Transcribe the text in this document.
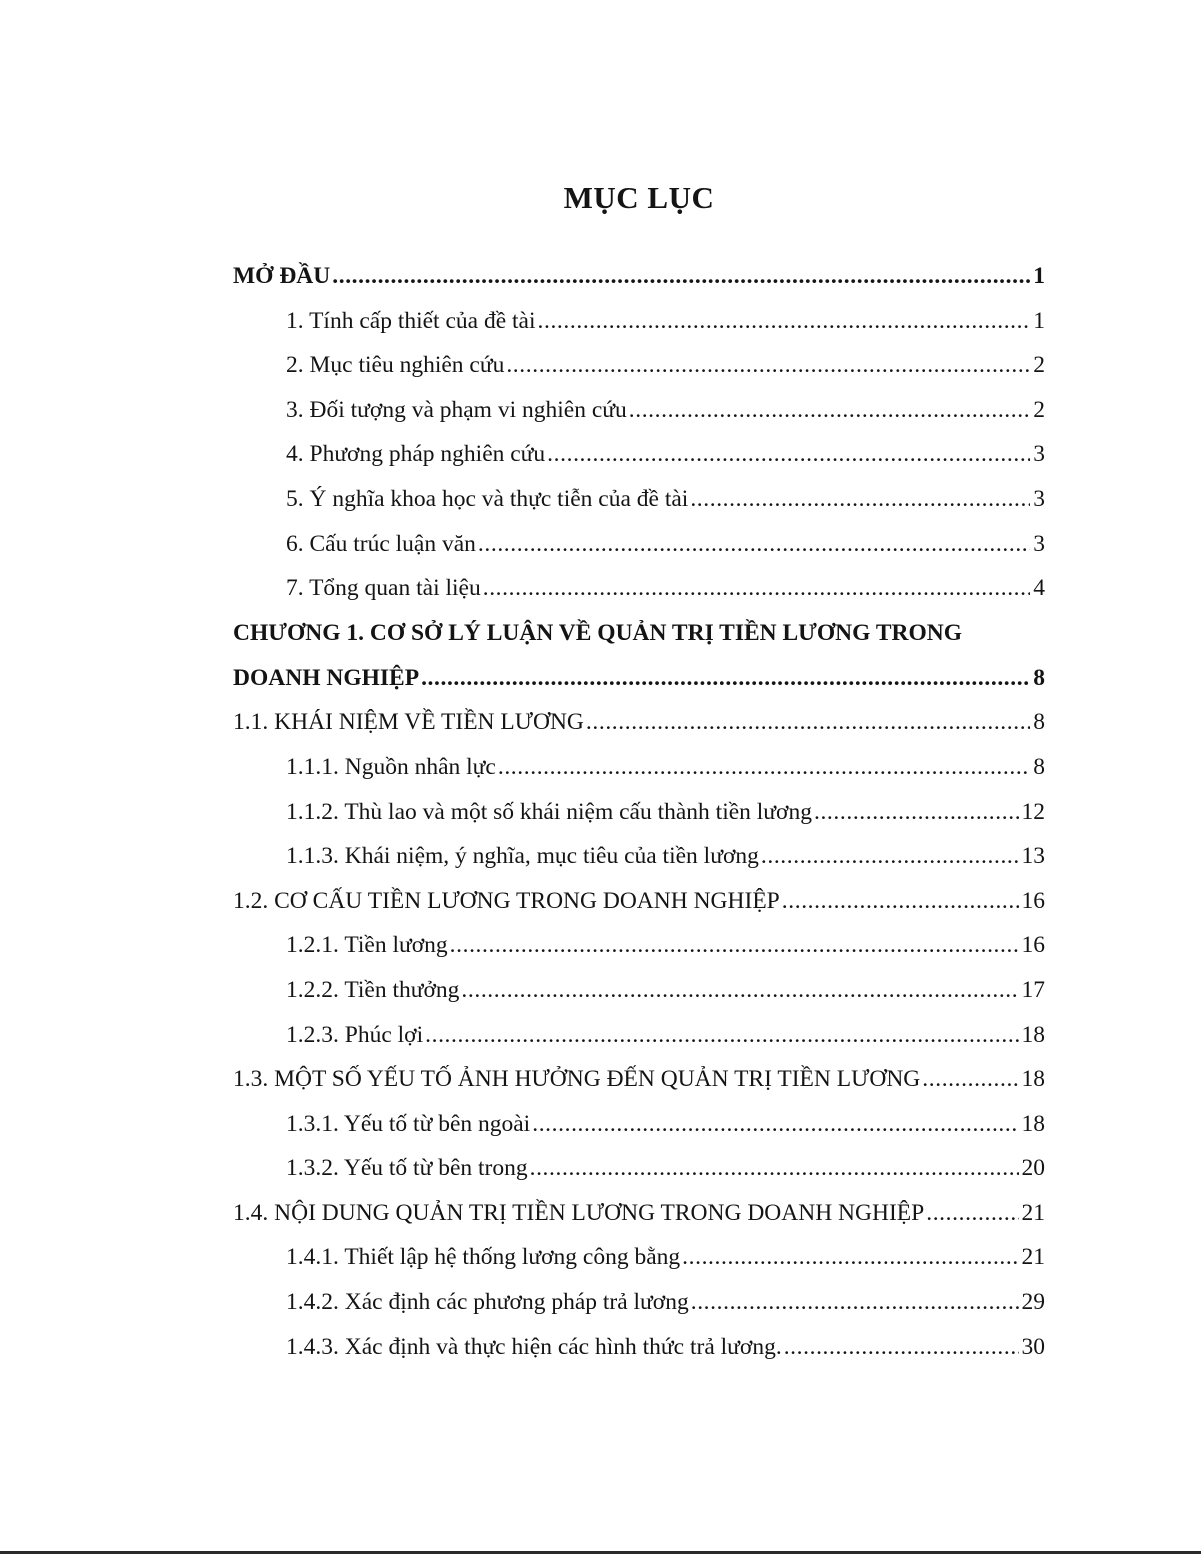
MỤC LỤC
MỞ ĐẦU .....	1
1. Tính cấp thiết của đề tài .....	1
2. Mục tiêu nghiên cứu .....	2
3. Đối tượng và phạm vi nghiên cứu .....	2
4. Phương pháp nghiên cứu .....	3
5. Ý nghĩa khoa học và thực tiễn của đề tài .....	3
6. Cấu trúc luận văn .....	3
7. Tổng quan tài liệu .....	4
CHƯƠNG 1. CƠ SỞ LÝ LUẬN VỀ QUẢN TRỊ TIỀN LƯƠNG TRONG
DOANH NGHIỆP .....	8
1.1. KHÁI NIỆM VỀ TIỀN LƯƠNG .....	8
1.1.1. Nguồn nhân lực .....	8
1.1.2. Thù lao và một số khái niệm cấu thành tiền lương .....	12
1.1.3. Khái niệm, ý nghĩa, mục tiêu của tiền lương .....	13
1.2. CƠ CẤU TIỀN LƯƠNG TRONG DOANH NGHIỆP .....	16
1.2.1. Tiền lương .....	16
1.2.2. Tiền thưởng .....	17
1.2.3. Phúc lợi .....	18
1.3. MỘT SỐ YẾU TỐ ẢNH HƯỞNG ĐẾN QUẢN TRỊ TIỀN LƯƠNG .....	18
1.3.1. Yếu tố từ bên ngoài .....	18
1.3.2. Yếu tố từ bên trong .....	20
1.4. NỘI DUNG QUẢN TRỊ TIỀN LƯƠNG TRONG DOANH NGHIỆP .....	21
1.4.1. Thiết lập hệ thống lương công bằng .....	21
1.4.2. Xác định các phương pháp trả lương .....	29
1.4.3. Xác định và thực hiện các hình thức trả lương. .....	30
